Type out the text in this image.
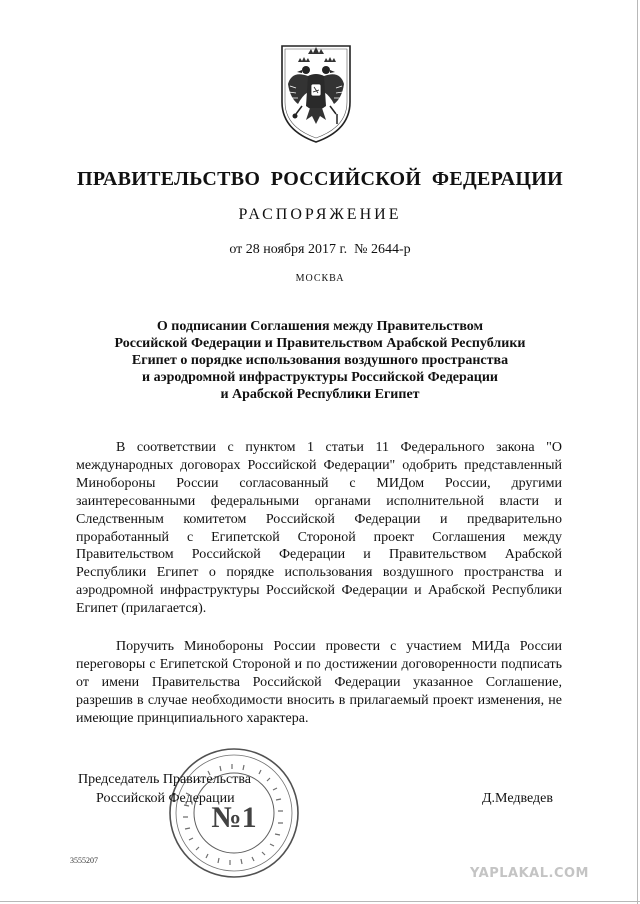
ПРАВИТЕЛЬСТВО  РОССИЙСКОЙ  ФЕДЕРАЦИИ
РАСПОРЯЖЕНИЕ
от 28 ноября 2017 г.  № 2644-р
МОСКВА
О подписании Соглашения между Правительством
Российской Федерации и Правительством Арабской Республики
Египет о порядке использования воздушного пространства
и аэродромной инфраструктуры Российской Федерации
и Арабской Республики Египет

В соответствии с пунктом 1 статьи 11 Федерального закона "О международных договорах Российской Федерации" одобрить представленный Минобороны России согласованный с МИДом России, другими заинтересованными федеральными органами исполнительной власти и Следственным комитетом Российской Федерации и предварительно проработанный с Египетской Стороной проект Соглашения между Правительством Российской Федерации и Правительством Арабской Республики Египет о порядке использования воздушного пространства и аэродромной инфраструктуры Российской Федерации и Арабской Республики Египет (прилагается).

Поручить Минобороны России провести с участием МИДа России переговоры с Египетской Стороной и по достижении договоренности подписать от имени Правительства Российской Федерации указанное Соглашение, разрешив в случае необходимости вносить в прилагаемый проект изменения, не имеющие принципиального характера.

№1
Председатель Правительства
Российской Федерации	Д.Медведев
3555207
YAPLAKAL.COM
